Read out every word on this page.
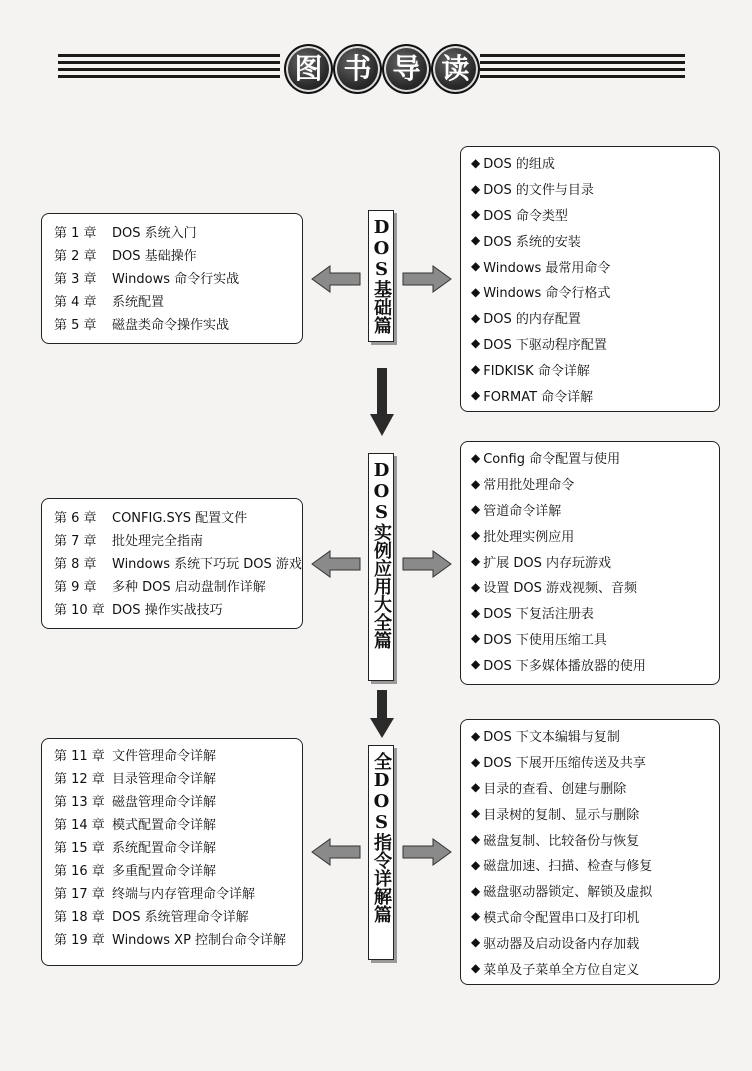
图 书 导 读
第 1 章	DOS 系统入门
第 2 章	DOS 基础操作
第 3 章	Windows 命令行实战
第 4 章	系统配置
第 5 章	磁盘类命令操作实战	DOS基础篇
◆ DOS 的组成
◆ DOS 的文件与目录
◆ DOS 命令类型
◆ DOS 系统的安装
◆ Windows 最常用命令
◆ Windows 命令行格式
◆ DOS 的内存配置
◆ DOS 下驱动程序配置
◆ FIDKISK 命令详解
◆ FORMAT 命令详解
第 6 章	CONFIG.SYS 配置文件
第 7 章	批处理完全指南
第 8 章	Windows 系统下巧玩 DOS 游戏
第 9 章	多种 DOS 启动盘制作详解
第 10 章 DOS 操作实战技巧	DOS实例应用大全篇
◆ Config 命令配置与使用
◆ 常用批处理命令
◆ 管道命令详解
◆ 批处理实例应用
◆ 扩展 DOS 内存玩游戏
◆ 设置 DOS 游戏视频、音频
◆ DOS 下复活注册表
◆ DOS 下使用压缩工具
◆ DOS 下多媒体播放器的使用
第 11 章 文件管理命令详解
第 12 章 目录管理命令详解
第 13 章 磁盘管理命令详解
第 14 章 模式配置命令详解
第 15 章 系统配置命令详解
第 16 章 多重配置命令详解
第 17 章 终端与内存管理命令详解
第 18 章 DOS 系统管理命令详解
第 19 章 Windows XP 控制台命令详解
全DOS指令详解篇
◆ DOS 下文本编辑与复制
◆ DOS 下展开压缩传送及共享
◆ 目录的查看、创建与删除
◆ 目录树的复制、显示与删除
◆ 磁盘复制、比较备份与恢复
◆ 磁盘加速、扫描、检查与修复
◆ 磁盘驱动器锁定、解锁及虚拟
◆ 模式命令配置串口及打印机
◆ 驱动器及启动设备内存加载
◆ 菜单及子菜单全方位自定义
